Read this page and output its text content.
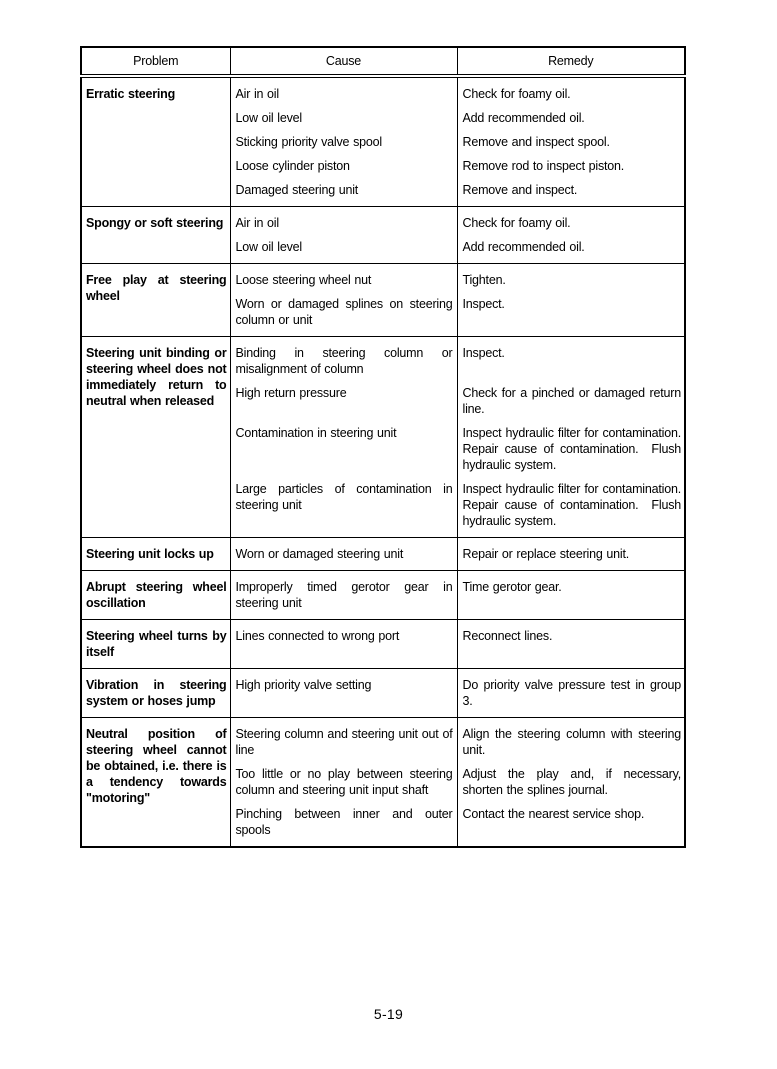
Problem	Cause	Remedy
Erratic steering	Air in oil	Check for foamy oil.
	Low oil level	Add recommended oil.
	Sticking priority valve spool	Remove and inspect spool.
	Loose cylinder piston	Remove rod to inspect piston.
	Damaged steering unit	Remove and inspect.
Spongy or soft steering	Air in oil	Check for foamy oil.
	Low oil level	Add recommended oil.
Free play at steering wheel	Loose steering wheel nut	Tighten.
	Worn or damaged splines on steering column or unit	Inspect.
Steering unit binding or steering wheel does not immediately return to neutral when released	Binding in steering column or misalignment of column	Inspect.
	High return pressure	Check for a pinched or damaged return line.
	Contamination in steering unit	Inspect hydraulic filter for contamination. Repair cause of contamination.  Flush hydraulic system.
	Large particles of contamination in steering unit	Inspect hydraulic filter for contamination. Repair cause of contamination.  Flush hydraulic system.
Steering unit locks up	Worn or damaged steering unit	Repair or replace steering unit.
Abrupt steering wheel oscillation	Improperly timed gerotor gear in steering unit	Time gerotor gear.
Steering wheel turns by itself	Lines connected to wrong port	Reconnect lines.
Vibration in steering system or hoses jump	High priority valve setting	Do priority valve pressure test in group 3.
Neutral position of steering wheel cannot be obtained, i.e. there is a tendency towards "motoring"	Steering column and steering unit out of line	Align the steering column with steering unit.
	Too little or no play between steering column and steering unit input shaft	Adjust the play and, if necessary, shorten the splines journal.
	Pinching between inner and outer spools	Contact the nearest service shop.
5-19
